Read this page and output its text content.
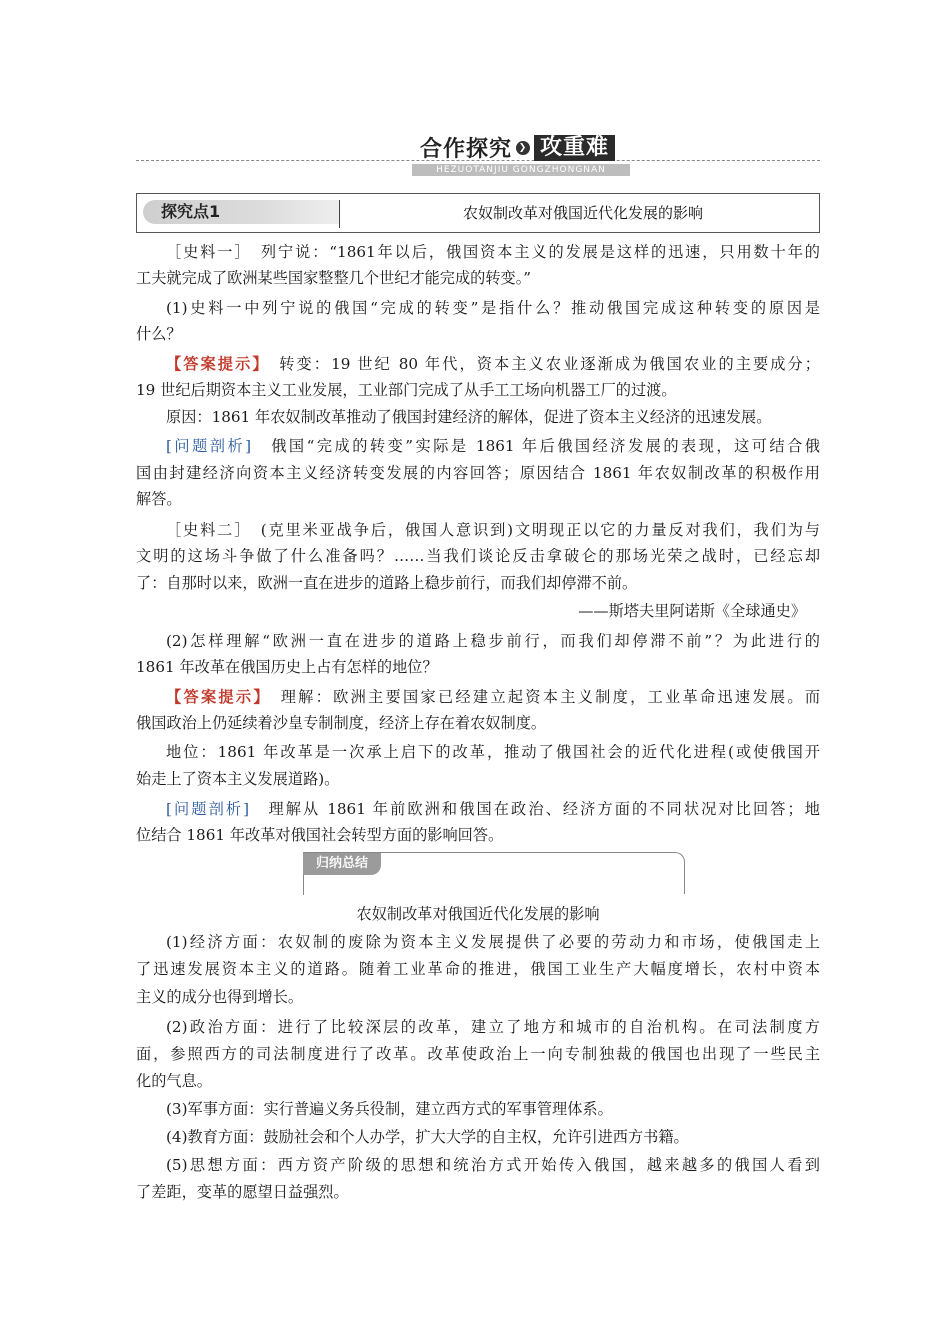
合作探究 ❯ 攻重难
HEZUOTANJIU GONGZHONGNAN
探究点1	农奴制改革对俄国近代化发展的影响
［史料一］　列宁说：“1861年以后，俄国资本主义的发展是这样的迅速，只用数十年的
工夫就完成了欧洲某些国家整整几个世纪才能完成的转变。”
(1)史料一中列宁说的俄国“完成的转变”是指什么？推动俄国完成这种转变的原因是
什么？
【答案提示】　转变：19 世纪 80 年代，资本主义农业逐渐成为俄国农业的主要成分；
19 世纪后期资本主义工业发展，工业部门完成了从手工工场向机器工厂的过渡。
原因：1861 年农奴制改革推动了俄国封建经济的解体，促进了资本主义经济的迅速发展。
[问题剖析]　俄国“完成的转变”实际是 1861 年后俄国经济发展的表现，这可结合俄
国由封建经济向资本主义经济转变发展的内容回答；原因结合 1861 年农奴制改革的积极作用
解答。
［史料二］　(克里米亚战争后，俄国人意识到)文明现正以它的力量反对我们，我们为与
文明的这场斗争做了什么准备吗？……当我们谈论反击拿破仑的那场光荣之战时，已经忘却
了：自那时以来，欧洲一直在进步的道路上稳步前行，而我们却停滞不前。
——斯塔夫里阿诺斯《全球通史》
(2)怎样理解“欧洲一直在进步的道路上稳步前行，而我们却停滞不前”？为此进行的
1861 年改革在俄国历史上占有怎样的地位？
【答案提示】　理解：欧洲主要国家已经建立起资本主义制度，工业革命迅速发展。而
俄国政治上仍延续着沙皇专制制度，经济上存在着农奴制度。
地位：1861 年改革是一次承上启下的改革，推动了俄国社会的近代化进程(或使俄国开
始走上了资本主义发展道路)。
[问题剖析]　理解从 1861 年前欧洲和俄国在政治、经济方面的不同状况对比回答；地
位结合 1861 年改革对俄国社会转型方面的影响回答。
归纳总结
农奴制改革对俄国近代化发展的影响
(1)经济方面：农奴制的废除为资本主义发展提供了必要的劳动力和市场，使俄国走上
了迅速发展资本主义的道路。随着工业革命的推进，俄国工业生产大幅度增长，农村中资本
主义的成分也得到增长。
(2)政治方面：进行了比较深层的改革，建立了地方和城市的自治机构。在司法制度方
面，参照西方的司法制度进行了改革。改革使政治上一向专制独裁的俄国也出现了一些民主
化的气息。
(3)军事方面：实行普遍义务兵役制，建立西方式的军事管理体系。
(4)教育方面：鼓励社会和个人办学，扩大大学的自主权，允许引进西方书籍。
(5)思想方面：西方资产阶级的思想和统治方式开始传入俄国，越来越多的俄国人看到
了差距，变革的愿望日益强烈。
